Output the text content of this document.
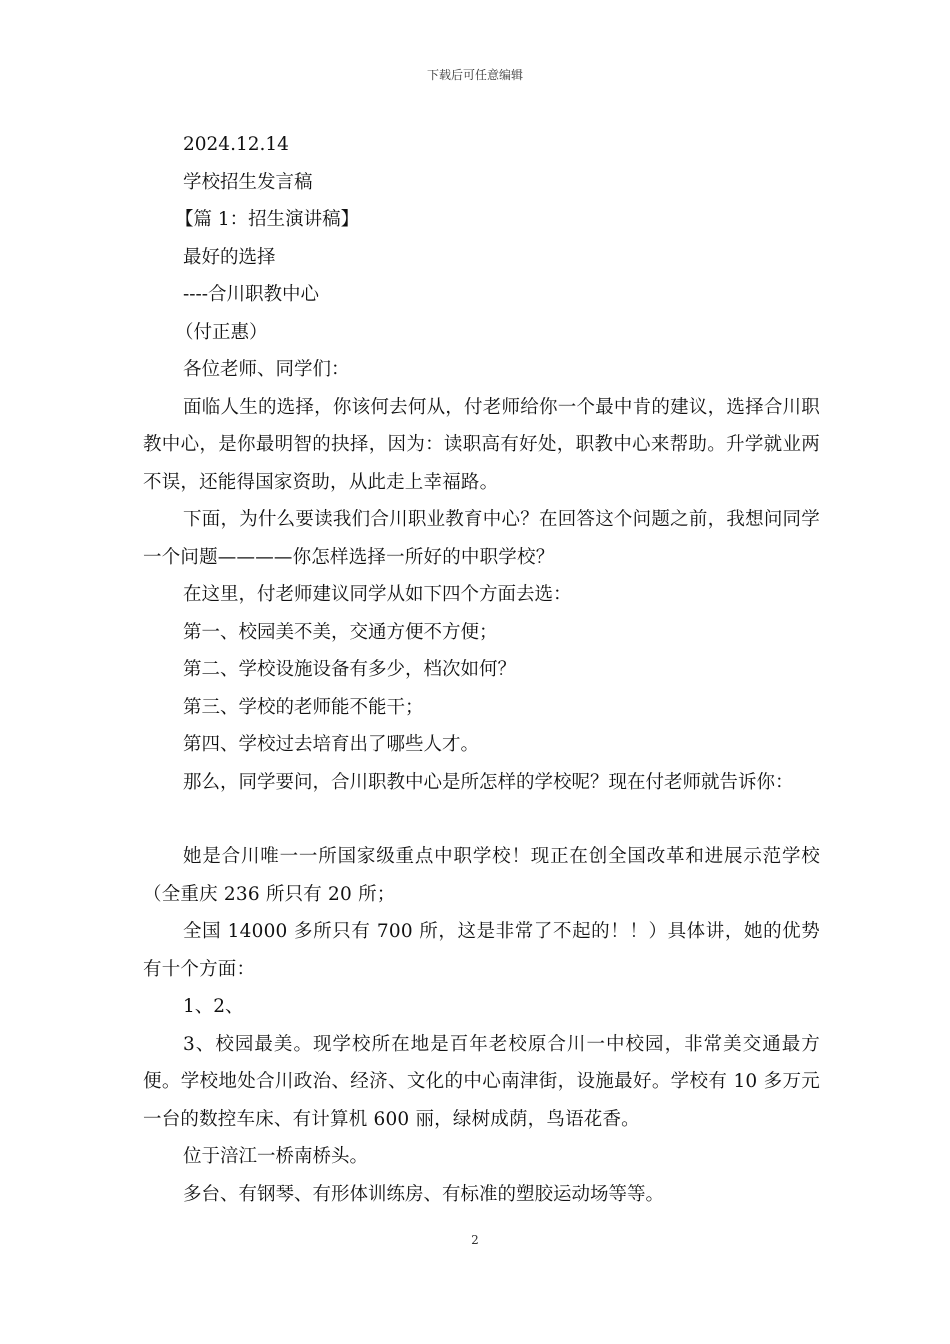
下载后可任意编辑
2024.12.14
学校招生发言稿
【篇 1：招生演讲稿】
最好的选择
----合川职教中心
（付正惠）
各位老师、同学们：
面临人生的选择，你该何去何从，付老师给你一个最中肯的建议，选择合川职教中心，是你最明智的抉择，因为：读职高有好处，职教中心来帮助。升学就业两不误，还能得国家资助，从此走上幸福路。
下面，为什么要读我们合川职业教育中心？在回答这个问题之前，我想问同学一个问题————你怎样选择一所好的中职学校？
在这里，付老师建议同学从如下四个方面去选：
第一、校园美不美，交通方便不方便；
第二、学校设施设备有多少，档次如何？
第三、学校的老师能不能干；
第四、学校过去培育出了哪些人才。
那么，同学要问，合川职教中心是所怎样的学校呢？现在付老师就告诉你：
她是合川唯一一所国家级重点中职学校！现正在创全国改革和进展示范学校（全重庆 236 所只有 20 所；
全国 14000 多所只有 700 所，这是非常了不起的！！）具体讲，她的优势有十个方面：
1、2、
3、校园最美。现学校所在地是百年老校原合川一中校园，非常美交通最方便。学校地处合川政治、经济、文化的中心南津街，设施最好。学校有 10 多万元一台的数控车床、有计算机 600 丽，绿树成荫，鸟语花香。
位于涪江一桥南桥头。
多台、有钢琴、有形体训练房、有标准的塑胶运动场等等。
2
